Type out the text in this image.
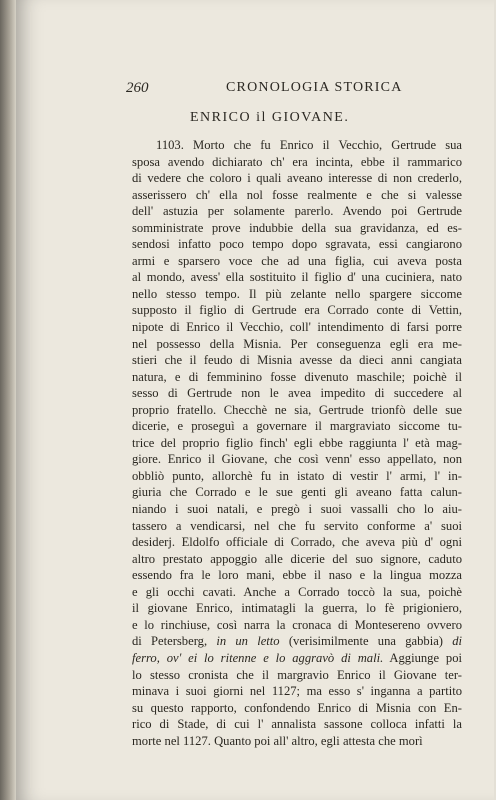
260	CRONOLOGIA STORICA
ENRICO il GIOVANE.
1103. Morto che fu Enrico il Vecchio, Gertrude sua
sposa avendo dichiarato ch' era incinta, ebbe il rammarico
di vedere che coloro i quali aveano interesse di non crederlo,
asserissero ch' ella nol fosse realmente e che si valesse
dell' astuzia per solamente parerlo. Avendo poi Gertrude
somministrate prove indubbie della sua gravidanza, ed es-
sendosi infatto poco tempo dopo sgravata, essi cangiarono
armi e sparsero voce che ad una figlia, cui aveva posta
al mondo, avess' ella sostituito il figlio d' una cuciniera, nato
nello stesso tempo. Il più zelante nello spargere siccome
supposto il figlio di Gertrude era Corrado conte di Vettin,
nipote di Enrico il Vecchio, coll' intendimento di farsi porre
nel possesso della Misnia. Per conseguenza egli era me-
stieri che il feudo di Misnia avesse da dieci anni cangiata
natura, e di femminino fosse divenuto maschile; poichè il
sesso di Gertrude non le avea impedito di succedere al
proprio fratello. Checchè ne sia, Gertrude trionfò delle sue
dicerie, e proseguì a governare il margraviato siccome tu-
trice del proprio figlio finch' egli ebbe raggiunta l' età mag-
giore. Enrico il Giovane, che così venn' esso appellato, non
obbliò punto, allorchè fu in istato di vestir l' armi, l' in-
giuria che Corrado e le sue genti gli aveano fatta calun-
niando i suoi natali, e pregò i suoi vassalli cho lo aiu-
tassero a vendicarsi, nel che fu servito conforme a' suoi
desiderj. Eldolfo officiale di Corrado, che aveva più d' ogni
altro prestato appoggio alle dicerie del suo signore, caduto
essendo fra le loro mani, ebbe il naso e la lingua mozza
e gli occhi cavati. Anche a Corrado toccò la sua, poichè
il giovane Enrico, intimatagli la guerra, lo fè prigioniero,
e lo rinchiuse, così narra la cronaca di Montesereno ovvero
di Petersberg, in un letto (verisimilmente una gabbia) di
ferro, ov' ei lo ritenne e lo aggravò di mali. Aggiunge poi
lo stesso cronista che il margravio Enrico il Giovane ter-
minava i suoi giorni nel 1127; ma esso s' inganna a partito
su questo rapporto, confondendo Enrico di Misnia con En-
rico di Stade, di cui l' annalista sassone colloca infatti la
morte nel 1127. Quanto poi all' altro, egli attesta che morì
